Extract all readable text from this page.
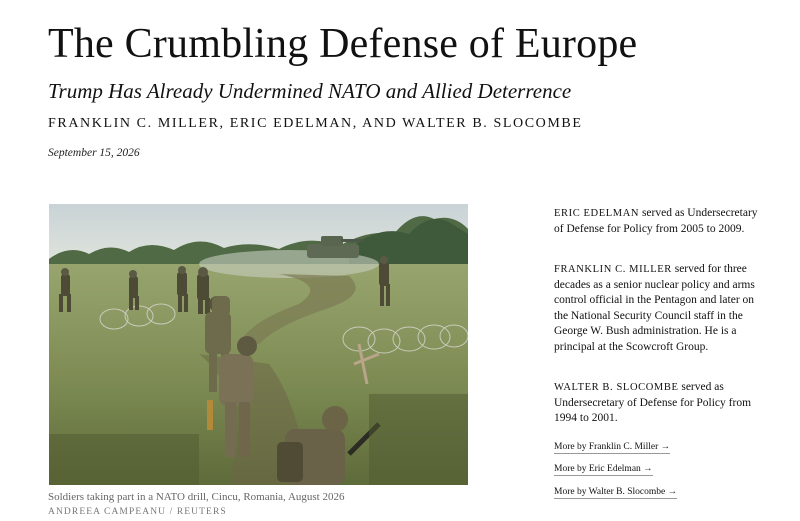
The Crumbling Defense of Europe
Trump Has Already Undermined NATO and Allied Deterrence
FRANKLIN C. MILLER, ERIC EDELMAN, AND WALTER B. SLOCOMBE
September 15, 2026
Soldiers taking part in a NATO drill, Cincu, Romania, August 2026
ANDREEA CAMPEANU / REUTERS

ERIC EDELMAN served as Undersecretary of Defense for Policy from 2005 to 2009.

FRANKLIN C. MILLER served for three decades as a senior nuclear policy and arms control official in the Pentagon and later on the National Security Council staff in the George W. Bush administration. He is a principal at the Scowcroft Group.

WALTER B. SLOCOMBE served as Undersecretary of Defense for Policy from 1994 to 2001.

More by Franklin C. Miller →
More by Eric Edelman →
More by Walter B. Slocombe →
